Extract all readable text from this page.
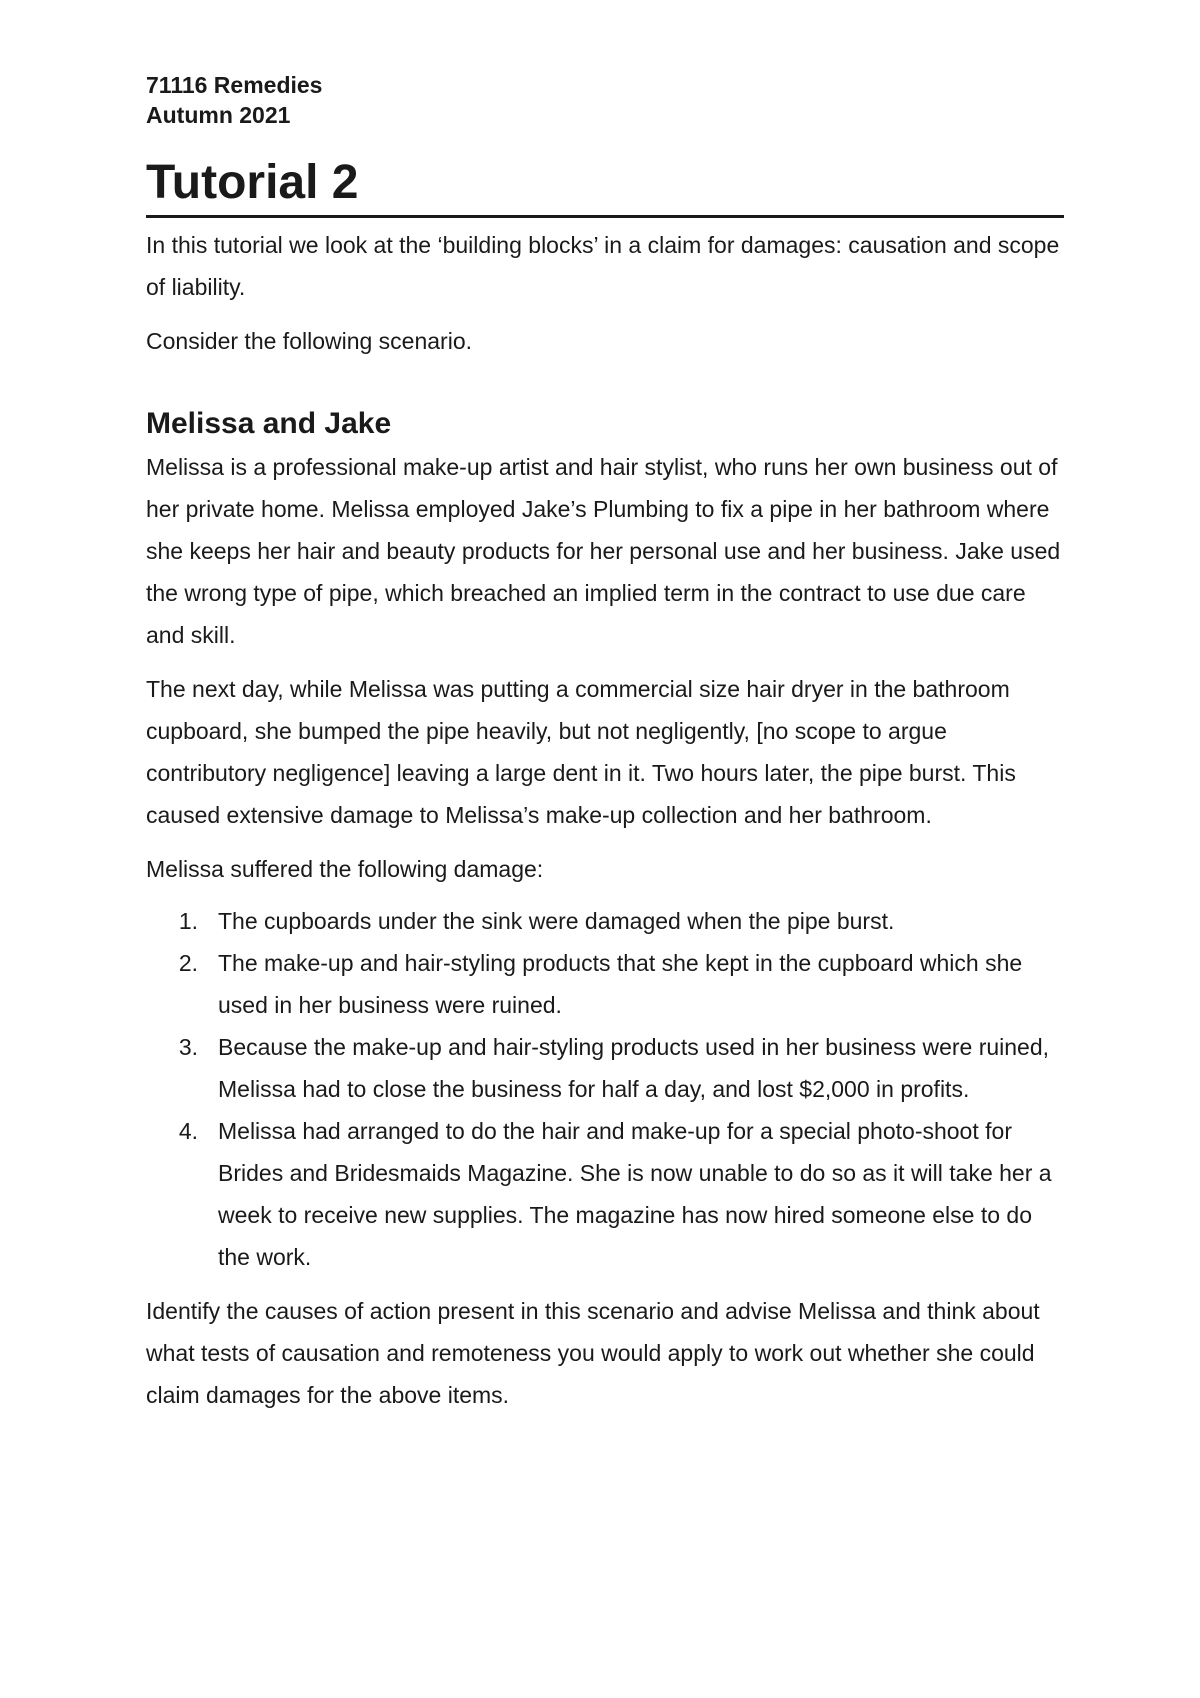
71116 Remedies

Autumn 2021

Tutorial 2

In this tutorial we look at the ‘building blocks’ in a claim for damages: causation and scope of liability.

Consider the following scenario.

Melissa and Jake

Melissa is a professional make-up artist and hair stylist, who runs her own business out of her private home. Melissa employed Jake’s Plumbing to fix a pipe in her bathroom where she keeps her hair and beauty products for her personal use and her business. Jake used the wrong type of pipe, which breached an implied term in the contract to use due care and skill.

The next day, while Melissa was putting a commercial size hair dryer in the bathroom cupboard, she bumped the pipe heavily, but not negligently, [no scope to argue contributory negligence] leaving a large dent in it. Two hours later, the pipe burst. This caused extensive damage to Melissa’s make-up collection and her bathroom.

Melissa suffered the following damage:

1. The cupboards under the sink were damaged when the pipe burst.
2. The make-up and hair-styling products that she kept in the cupboard which she used in her business were ruined.
3. Because the make-up and hair-styling products used in her business were ruined, Melissa had to close the business for half a day, and lost $2,000 in profits.
4. Melissa had arranged to do the hair and make-up for a special photo-shoot for Brides and Bridesmaids Magazine. She is now unable to do so as it will take her a week to receive new supplies. The magazine has now hired someone else to do the work.

Identify the causes of action present in this scenario and advise Melissa and think about what tests of causation and remoteness you would apply to work out whether she could claim damages for the above items.
